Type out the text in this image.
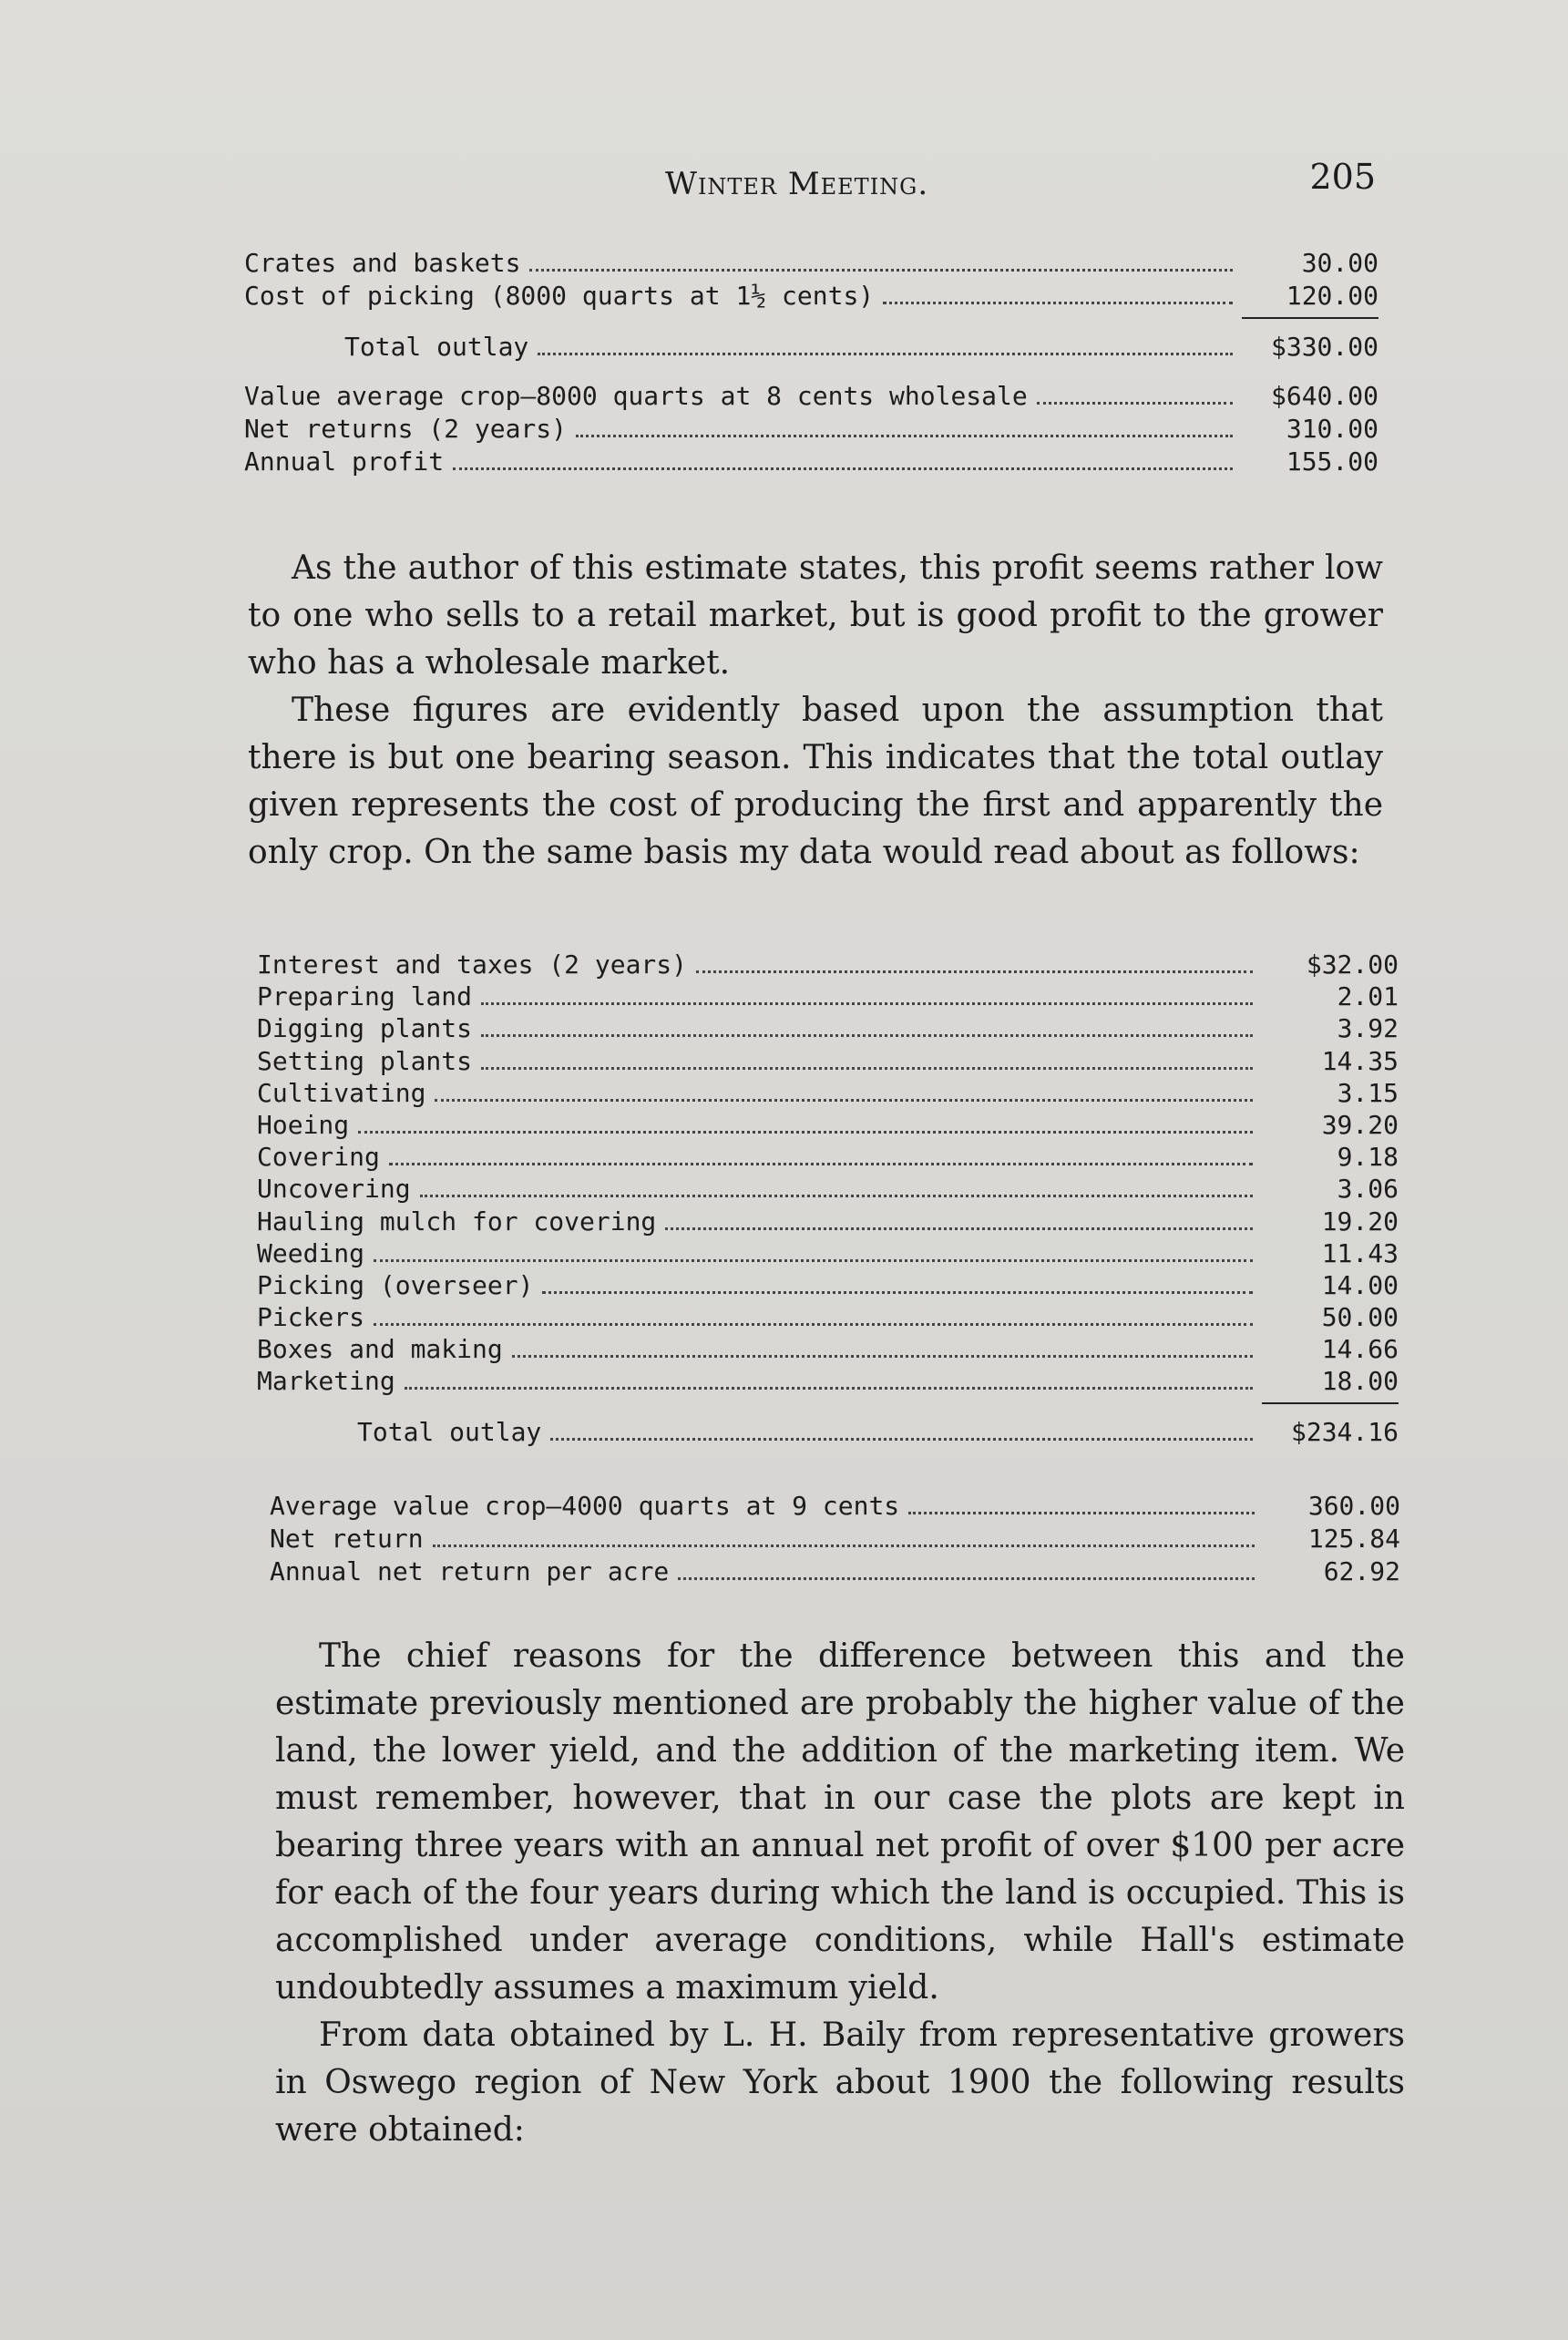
Winter Meeting.	205
Crates and baskets	30.00
Cost of picking (8000 quarts at 1½ cents)	120.00
Total outlay	$330.00
Value average crop—8000 quarts at 8 cents wholesale	$640.00
Net returns (2 years)	310.00
Annual profit	155.00

As the author of this estimate states, this profit seems rather low to one who sells to a retail market, but is good profit to the grower who has a wholesale market.

These figures are evidently based upon the assumption that there is but one bearing season. This indicates that the total outlay given represents the cost of producing the first and apparently the only crop. On the same basis my data would read about as follows:

Interest and taxes (2 years)	$32.00
Preparing land	2.01
Digging plants	3.92
Setting plants	14.35
Cultivating	3.15
Hoeing	39.20
Covering	9.18
Uncovering	3.06
Hauling mulch for covering	19.20
Weeding	11.43
Picking (overseer)	14.00
Pickers	50.00
Boxes and making	14.66
Marketing	18.00
Total outlay	$234.16
Average value crop—4000 quarts at 9 cents	360.00
Net return	125.84
Annual net return per acre	62.92

The chief reasons for the difference between this and the estimate previously mentioned are probably the higher value of the land, the lower yield, and the addition of the marketing item. We must remember, however, that in our case the plots are kept in bearing three years with an annual net profit of over $100 per acre for each of the four years during which the land is occupied. This is accomplished under average conditions, while Hall's estimate undoubtedly assumes a maximum yield.

From data obtained by L. H. Baily from representative growers in Oswego region of New York about 1900 the following results were obtained:
